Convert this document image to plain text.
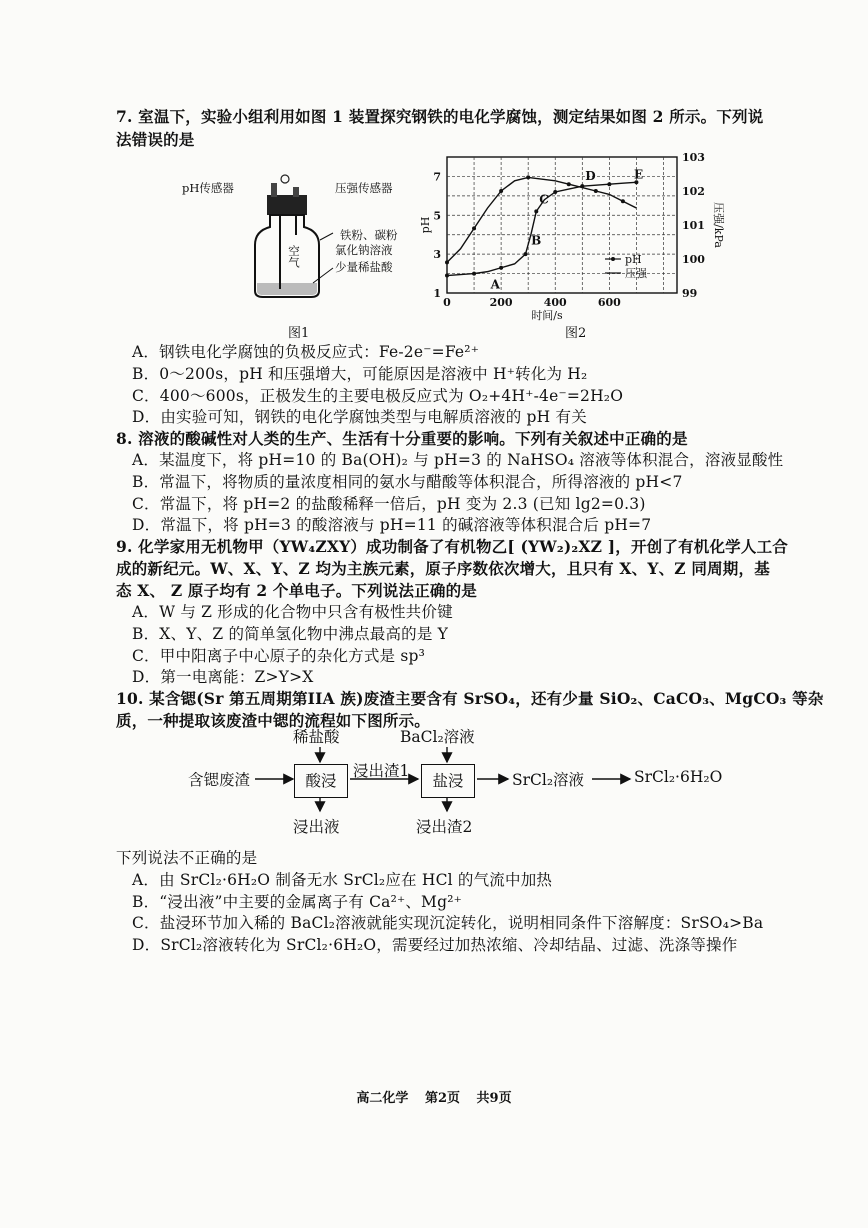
7. 室温下，实验小组利用如图 1 装置探究钢铁的电化学腐蚀，测定结果如图 2 所示。下列说
法错误的是
pH传感器	压强传感器
铁粉、碳粉
氯化钠溶液
少量稀盐酸
空气
图1
0	200	400	600
1
3
5
7
99
100
101
102
103
时间/s
pH	压强/kPa
A
B
C
D	E
pH
压强
图2
A．钢铁电化学腐蚀的负极反应式：Fe-2e⁻=Fe²⁺
B．0～200s，pH 和压强增大，可能原因是溶液中 H⁺转化为 H₂
C．400～600s，正极发生的主要电极反应式为 O₂+4H⁺-4e⁻=2H₂O
D．由实验可知，钢铁的电化学腐蚀类型与电解质溶液的 pH 有关
8. 溶液的酸碱性对人类的生产、生活有十分重要的影响。下列有关叙述中正确的是
A．某温度下，将 pH=10 的 Ba(OH)₂ 与 pH=3 的 NaHSO₄ 溶液等体积混合，溶液显酸性
B．常温下，将物质的量浓度相同的氨水与醋酸等体积混合，所得溶液的 pH<7
C．常温下，将 pH=2 的盐酸稀释一倍后，pH 变为 2.3 (已知 lg2=0.3)
D．常温下，将 pH=3 的酸溶液与 pH=11 的碱溶液等体积混合后 pH=7
9. 化学家用无机物甲（YW₄ZXY）成功制备了有机物乙[ (YW₂)₂XZ ]，开创了有机化学人工合
成的新纪元。W、X、Y、Z 均为主族元素，原子序数依次增大，且只有 X、Y、Z 同周期，基
态 X、 Z 原子均有 2 个单电子。下列说法正确的是
A．W 与 Z 形成的化合物中只含有极性共价键
B．X、Y、Z 的简单氢化物中沸点最高的是 Y
C．甲中阳离子中心原子的杂化方式是 sp³
D．第一电离能：Z>Y>X
10. 某含锶(Sr 第五周期第IIA 族)废渣主要含有 SrSO₄，还有少量 SiO₂、CaCO₃、MgCO₃ 等杂
质，一种提取该废渣中锶的流程如下图所示。
酸浸	盐浸
含锶废渣
稀盐酸
浸出液
浸出渣1
BaCl₂溶液
浸出渣2
SrCl₂溶液	SrCl₂·6H₂O
下列说法不正确的是
A．由 SrCl₂·6H₂O 制备无水 SrCl₂应在 HCl 的气流中加热
B．“浸出液”中主要的金属离子有 Ca²⁺、Mg²⁺
C．盐浸环节加入稀的 BaCl₂溶液就能实现沉淀转化，说明相同条件下溶解度：SrSO₄>Ba
D．SrCl₂溶液转化为 SrCl₂·6H₂O，需要经过加热浓缩、冷却结晶、过滤、洗涤等操作
高二化学 第2页 共9页
